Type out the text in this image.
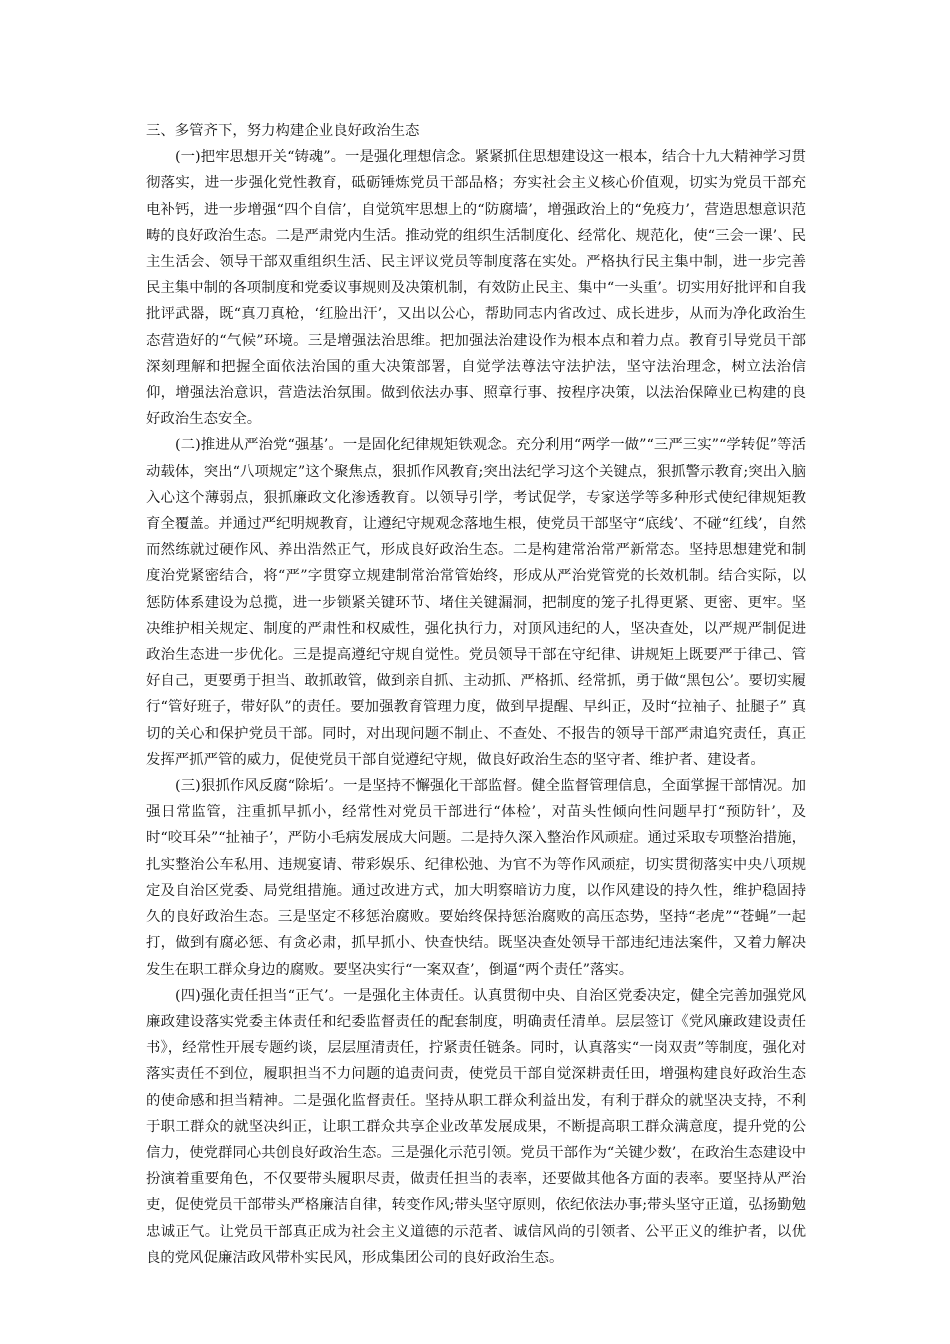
三、多管齐下，努力构建企业良好政治生态

(一)把牢思想开关“铸魂”。一是强化理想信念。紧紧抓住思想建设这一根本，结合十九大精神学习贯彻落实，进一步强化党性教育，砥砺锤炼党员干部品格；夯实社会主义核心价值观，切实为党员干部充电补钙，进一步增强“四个自信’，自觉筑牢思想上的“防腐墙’，增强政治上的“免疫力’，营造思想意识范畴的良好政治生态。二是严肃党内生活。推动党的组织生活制度化、经常化、规范化，使“三会一课’、民主生活会、领导干部双重组织生活、民主评议党员等制度落在实处。严格执行民主集中制，进一步完善民主集中制的各项制度和党委议事规则及决策机制，有效防止民主、集中“一头重’。切实用好批评和自我批评武器，既“真刀真枪，‘红脸出汗’，又出以公心，帮助同志内省改过、成长进步，从而为净化政治生态营造好的“气候”环境。三是增强法治思维。把加强法治建设作为根本点和着力点。教育引导党员干部深刻理解和把握全面依法治国的重大决策部署，自觉学法尊法守法护法，坚守法治理念，树立法治信仰，增强法治意识，营造法治氛围。做到依法办事、照章行事、按程序决策，以法治保障业已构建的良好政治生态安全。

(二)推进从严治党“强基’。一是固化纪律规矩铁观念。充分利用“两学一做”“三严三实”“学转促”等活动载体，突出“八项规定”这个聚焦点，狠抓作风教育;突出法纪学习这个关键点，狠抓警示教育;突出入脑入心这个薄弱点，狠抓廉政文化渗透教育。以领导引学，考试促学，专家送学等多种形式使纪律规矩教育全覆盖。并通过严纪明规教育，让遵纪守规观念落地生根，使党员干部坚守“底线’、不碰“红线’，自然而然练就过硬作风、养出浩然正气，形成良好政治生态。二是构建常治常严新常态。坚持思想建党和制度治党紧密结合，将“严”字贯穿立规建制常治常管始终，形成从严治党管党的长效机制。结合实际，以惩防体系建设为总揽，进一步锁紧关键环节、堵住关键漏洞，把制度的笼子扎得更紧、更密、更牢。坚决维护相关规定、制度的严肃性和权威性，强化执行力，对顶风违纪的人，坚决查处，以严规严制促进政治生态进一步优化。三是提高遵纪守规自觉性。党员领导干部在守纪律、讲规矩上既要严于律己、管好自己，更要勇于担当、敢抓敢管，做到亲自抓、主动抓、严格抓、经常抓，勇于做“黑包公’。要切实履行“管好班子，带好队”的责任。要加强教育管理力度，做到早提醒、早纠正，及时“拉袖子、扯腿子” 真切的关心和保护党员干部。同时，对出现问题不制止、不查处、不报告的领导干部严肃追究责任，真正发挥严抓严管的威力，促使党员干部自觉遵纪守规，做良好政治生态的坚守者、维护者、建设者。

(三)狠抓作风反腐“除垢’。一是坚持不懈强化干部监督。健全监督管理信息，全面掌握干部情况。加强日常监管，注重抓早抓小，经常性对党员干部进行“体检’，对苗头性倾向性问题早打“预防针’，及时“咬耳朵”“扯袖子’，严防小毛病发展成大问题。二是持久深入整治作风顽症。通过采取专项整治措施，扎实整治公车私用、违规宴请、带彩娱乐、纪律松弛、为官不为等作风顽症，切实贯彻落实中央八项规定及自治区党委、局党组措施。通过改进方式，加大明察暗访力度，以作风建设的持久性，维护稳固持久的良好政治生态。三是坚定不移惩治腐败。要始终保持惩治腐败的高压态势，坚持“老虎”“苍蝇”一起打，做到有腐必惩、有贪必肃，抓早抓小、快查快结。既坚决查处领导干部违纪违法案件，又着力解决发生在职工群众身边的腐败。要坚决实行“一案双查’，倒逼“两个责任”落实。

(四)强化责任担当“正气’。一是强化主体责任。认真贯彻中央、自治区党委决定，健全完善加强党风廉政建设落实党委主体责任和纪委监督责任的配套制度，明确责任清单。层层签订《党风廉政建设责任书》，经常性开展专题约谈，层层厘清责任，拧紧责任链条。同时，认真落实“一岗双责”等制度，强化对落实责任不到位，履职担当不力问题的追责问责，使党员干部自觉深耕责任田，增强构建良好政治生态的使命感和担当精神。二是强化监督责任。坚持从职工群众利益出发，有利于群众的就坚决支持，不利于职工群众的就坚决纠正，让职工群众共享企业改革发展成果，不断提高职工群众满意度，提升党的公信力，使党群同心共创良好政治生态。三是强化示范引领。党员干部作为“关键少数’，在政治生态建设中扮演着重要角色，不仅要带头履职尽责，做责任担当的表率，还要做其他各方面的表率。要坚持从严治吏，促使党员干部带头严格廉洁自律，转变作风;带头坚守原则，依纪依法办事;带头坚守正道，弘扬勤勉忠诚正气。让党员干部真正成为社会主义道德的示范者、诚信风尚的引领者、公平正义的维护者，以优良的党风促廉洁政风带朴实民风，形成集团公司的良好政治生态。
